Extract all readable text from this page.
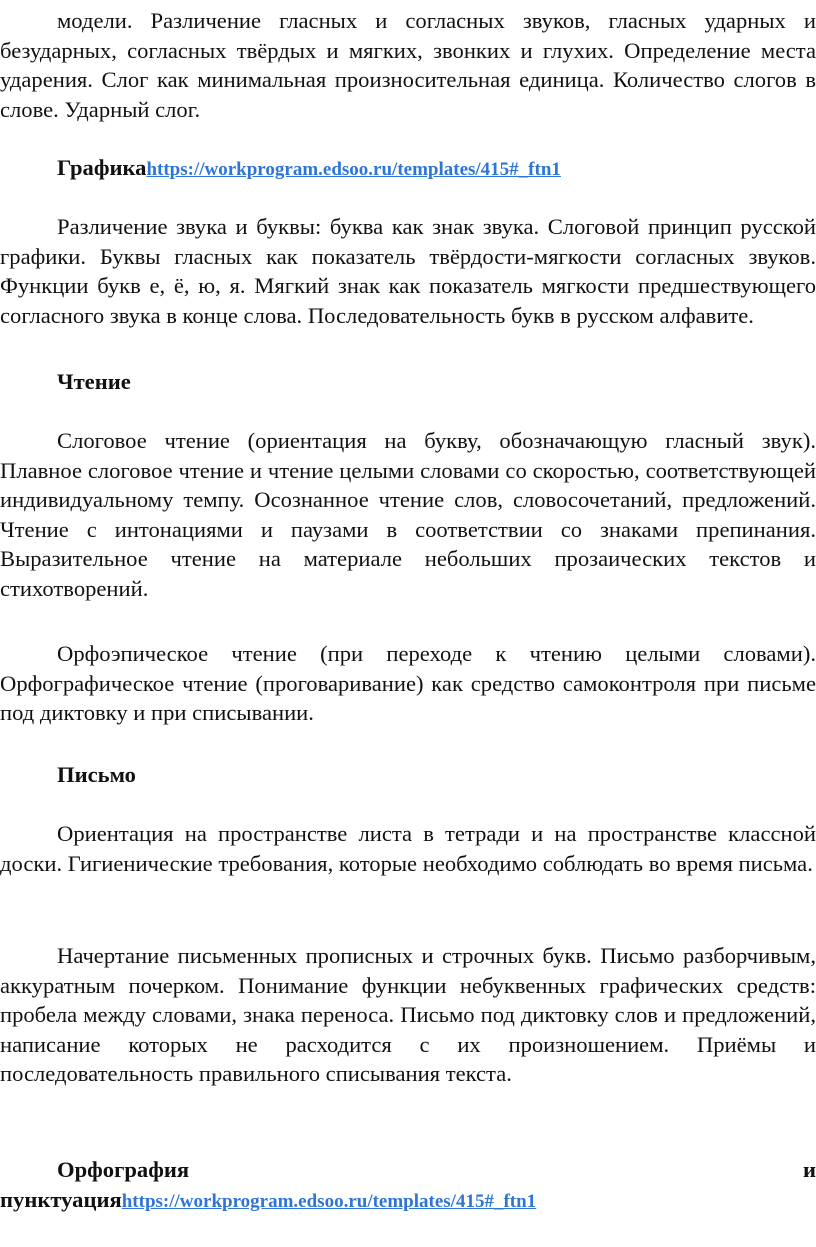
модели. Различение гласных и согласных звуков, гласных ударных и безударных, согласных твёрдых и мягких, звонких и глухих. Определение места ударения. Слог как минимальная произносительная единица. Количество слогов в слове. Ударный слог.

Графикаhttps://workprogram.edsoo.ru/templates/415#_ftn1

Различение звука и буквы: буква как знак звука. Слоговой принцип русской графики. Буквы гласных как показатель твёрдости-мягкости согласных звуков. Функции букв е, ё, ю, я. Мягкий знак как показатель мягкости предшествующего согласного звука в конце слова. Последовательность букв в русском алфавите.

Чтение

Слоговое чтение (ориентация на букву, обозначающую гласный звук). Плавное слоговое чтение и чтение целыми словами со скоростью, соответствующей индивидуальному темпу. Осознанное чтение слов, словосочетаний, предложений. Чтение с интонациями и паузами в соответствии со знаками препинания. Выразительное чтение на материале небольших прозаических текстов и стихотворений.

Орфоэпическое чтение (при переходе к чтению целыми словами). Орфографическое чтение (проговаривание) как средство самоконтроля при письме под диктовку и при списывании.

Письмо

Ориентация на пространстве листа в тетради и на пространстве классной доски. Гигиенические требования, которые необходимо соблюдать во время письма.

Начертание письменных прописных и строчных букв. Письмо разборчивым, аккуратным почерком. Понимание функции небуквенных графических средств: пробела между словами, знака переноса. Письмо под диктовку слов и предложений, написание которых не расходится с их произношением. Приёмы и последовательность правильного списывания текста.

Орфография	и
пунктуацияhttps://workprogram.edsoo.ru/templates/415#_ftn1
